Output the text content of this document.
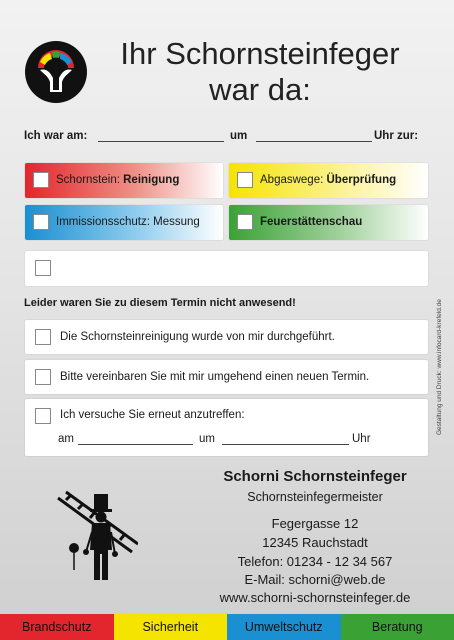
Ihr Schornsteinfeger
war da:
Ich war am:	um	Uhr zur:
Schornstein: Reinigung	Abgaswege: Überprüfung
Immissionsschutz: Messung	Feuerstättenschau
Leider waren Sie zu diesem Termin nicht anwesend!
Die Schornsteinreinigung wurde von mir durchgeführt.
Bitte vereinbaren Sie mit mir umgehend einen neuen Termin.
Ich versuche Sie erneut anzutreffen:
am	um	Uhr
Schorni Schornsteinfeger
Schornsteinfegermeister
Fegergasse 12
12345 Rauchstadt
Telefon: 01234 - 12 34 567
E-Mail: schorni@web.de
www.schorni-schornsteinfeger.de
Gestaltung und Druck: www.infocard-krefeld.de
Brandschutz	Sicherheit	Umweltschutz	Beratung
